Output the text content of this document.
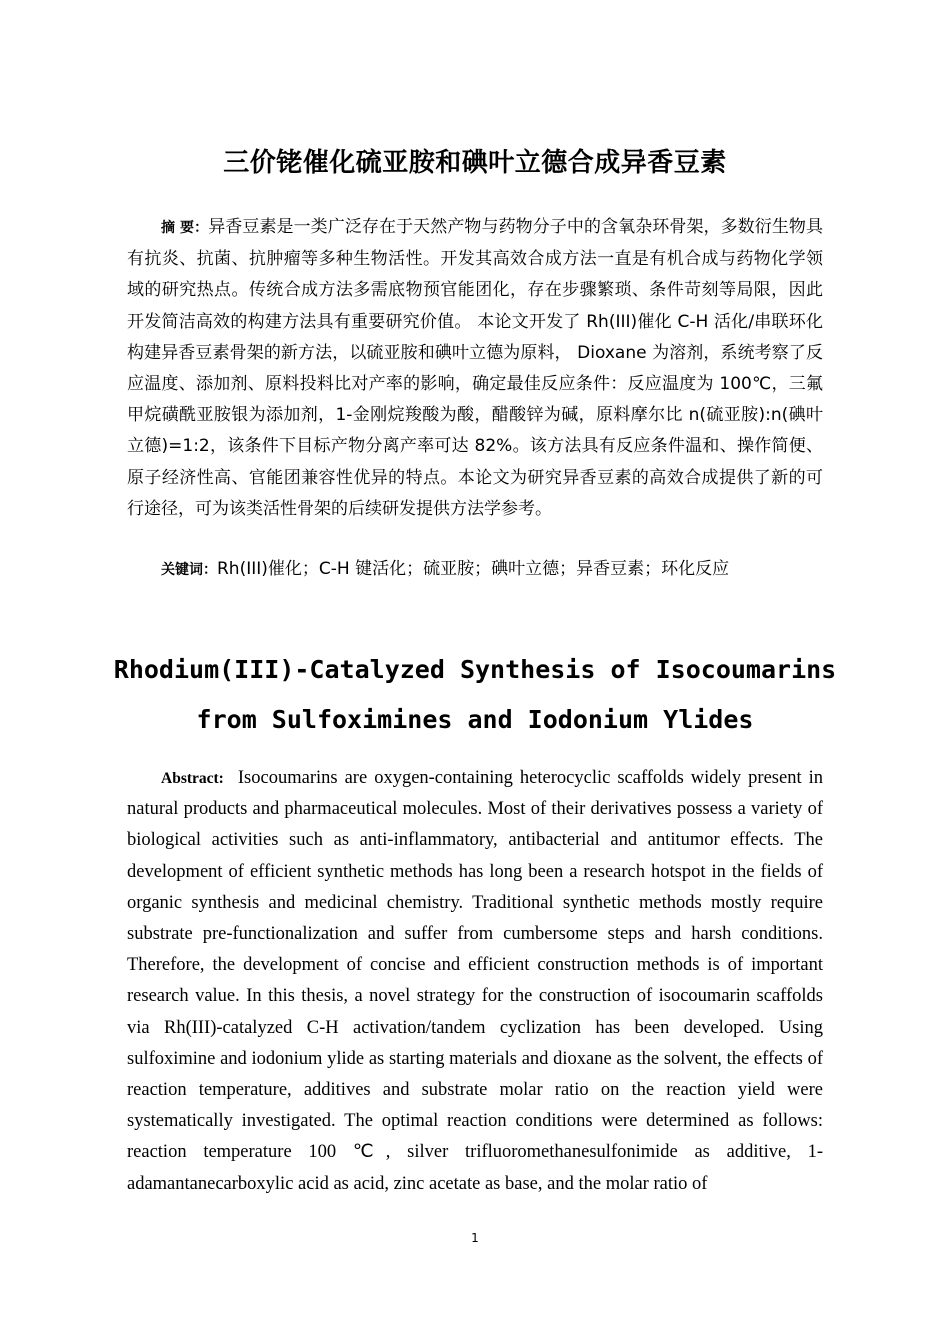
三价铑催化硫亚胺和碘叶立德合成异香豆素

摘 要：异香豆素是一类广泛存在于天然产物与药物分子中的含氧杂环骨架，多数衍生物具有抗炎、抗菌、抗肿瘤等多种生物活性。开发其高效合成方法一直是有机合成与药物化学领域的研究热点。传统合成方法多需底物预官能团化，存在步骤繁琐、条件苛刻等局限，因此开发简洁高效的构建方法具有重要研究价值。 本论文开发了 Rh(III)催化 C-H 活化/串联环化构建异香豆素骨架的新方法，以硫亚胺和碘叶立德为原料， Dioxane 为溶剂，系统考察了反应温度、添加剂、原料投料比对产率的影响，确定最佳反应条件：反应温度为 100℃，三氟甲烷磺酰亚胺银为添加剂，1-金刚烷羧酸为酸，醋酸锌为碱，原料摩尔比 n(硫亚胺):n(碘叶立德)=1:2，该条件下目标产物分离产率可达 82%。该方法具有反应条件温和、操作简便、原子经济性高、官能团兼容性优异的特点。本论文为研究异香豆素的高效合成提供了新的可行途径，可为该类活性骨架的后续研发提供方法学参考。

关键词：Rh(III)催化；C-H 键活化；硫亚胺；碘叶立德；异香豆素；环化反应

Rhodium(III)-Catalyzed Synthesis of Isocoumarins
from Sulfoximines and Iodonium Ylides

Abstract: Isocoumarins are oxygen-containing heterocyclic scaffolds widely present in natural products and pharmaceutical molecules. Most of their derivatives possess a variety of biological activities such as anti-inflammatory, antibacterial and antitumor effects. The development of efficient synthetic methods has long been a research hotspot in the fields of organic synthesis and medicinal chemistry. Traditional synthetic methods mostly require substrate pre-functionalization and suffer from cumbersome steps and harsh conditions. Therefore, the development of concise and efficient construction methods is of important research value. In this thesis, a novel strategy for the construction of isocoumarin scaffolds via Rh(III)-catalyzed C-H activation/tandem cyclization has been developed. Using sulfoximine and iodonium ylide as starting materials and dioxane as the solvent, the effects of reaction temperature, additives and substrate molar ratio on the reaction yield were systematically investigated. The optimal reaction conditions were determined as follows: reaction temperature 100 ℃, silver trifluoromethanesulfonimide as additive, 1-adamantanecarboxylic acid as acid, zinc acetate as base, and the molar ratio of

1
